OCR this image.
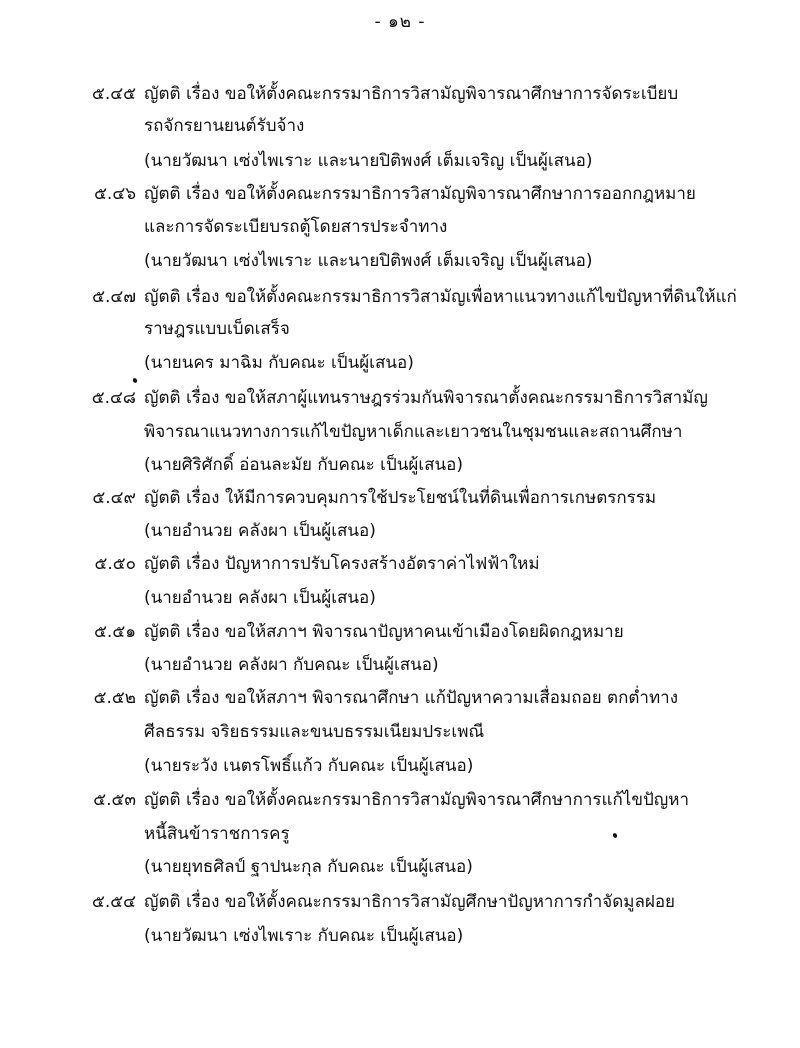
- ๑๒ -
๕.๔๕ ญัตติ เรื่อง ขอให้ตั้งคณะกรรมาธิการวิสามัญพิจารณาศึกษาการจัดระเบียบ
รถจักรยานยนต์รับจ้าง
(นายวัฒนา เซ่งไพเราะ และนายปิติพงศ์ เต็มเจริญ เป็นผู้เสนอ)
๕.๔๖ ญัตติ เรื่อง ขอให้ตั้งคณะกรรมาธิการวิสามัญพิจารณาศึกษาการออกกฎหมาย
และการจัดระเบียบรถตู้โดยสารประจำทาง
(นายวัฒนา เซ่งไพเราะ และนายปิติพงศ์ เต็มเจริญ เป็นผู้เสนอ)
๕.๔๗ ญัตติ เรื่อง ขอให้ตั้งคณะกรรมาธิการวิสามัญเพื่อหาแนวทางแก้ไขปัญหาที่ดินให้แก่
ราษฎรแบบเบ็ดเสร็จ
(นายนคร มาฉิม กับคณะ เป็นผู้เสนอ)
๕.๔๘ ญัตติ เรื่อง ขอให้สภาผู้แทนราษฎรร่วมกันพิจารณาตั้งคณะกรรมาธิการวิสามัญ
พิจารณาแนวทางการแก้ไขปัญหาเด็กและเยาวชนในชุมชนและสถานศึกษา
(นายศิริศักดิ์ อ่อนละมัย กับคณะ เป็นผู้เสนอ)
๕.๔๙ ญัตติ เรื่อง ให้มีการควบคุมการใช้ประโยชน์ในที่ดินเพื่อการเกษตรกรรม
(นายอำนวย คลังผา เป็นผู้เสนอ)
๕.๕๐ ญัตติ เรื่อง ปัญหาการปรับโครงสร้างอัตราค่าไฟฟ้าใหม่
(นายอำนวย คลังผา เป็นผู้เสนอ)
๕.๕๑ ญัตติ เรื่อง ขอให้สภาฯ พิจารณาปัญหาคนเข้าเมืองโดยผิดกฎหมาย
(นายอำนวย คลังผา กับคณะ เป็นผู้เสนอ)
๕.๕๒ ญัตติ เรื่อง ขอให้สภาฯ พิจารณาศึกษา แก้ปัญหาความเสื่อมถอย ตกต่ำทาง
ศีลธรรม จริยธรรมและขนบธรรมเนียมประเพณี
(นายระวัง เนตรโพธิ์แก้ว กับคณะ เป็นผู้เสนอ)
๕.๕๓ ญัตติ เรื่อง ขอให้ตั้งคณะกรรมาธิการวิสามัญพิจารณาศึกษาการแก้ไขปัญหา
หนี้สินข้าราชการครู
(นายยุทธศิลป์ ฐาปนะกุล กับคณะ เป็นผู้เสนอ)
๕.๕๔ ญัตติ เรื่อง ขอให้ตั้งคณะกรรมาธิการวิสามัญศึกษาปัญหาการกำจัดมูลฝอย
(นายวัฒนา เซ่งไพเราะ กับคณะ เป็นผู้เสนอ)
